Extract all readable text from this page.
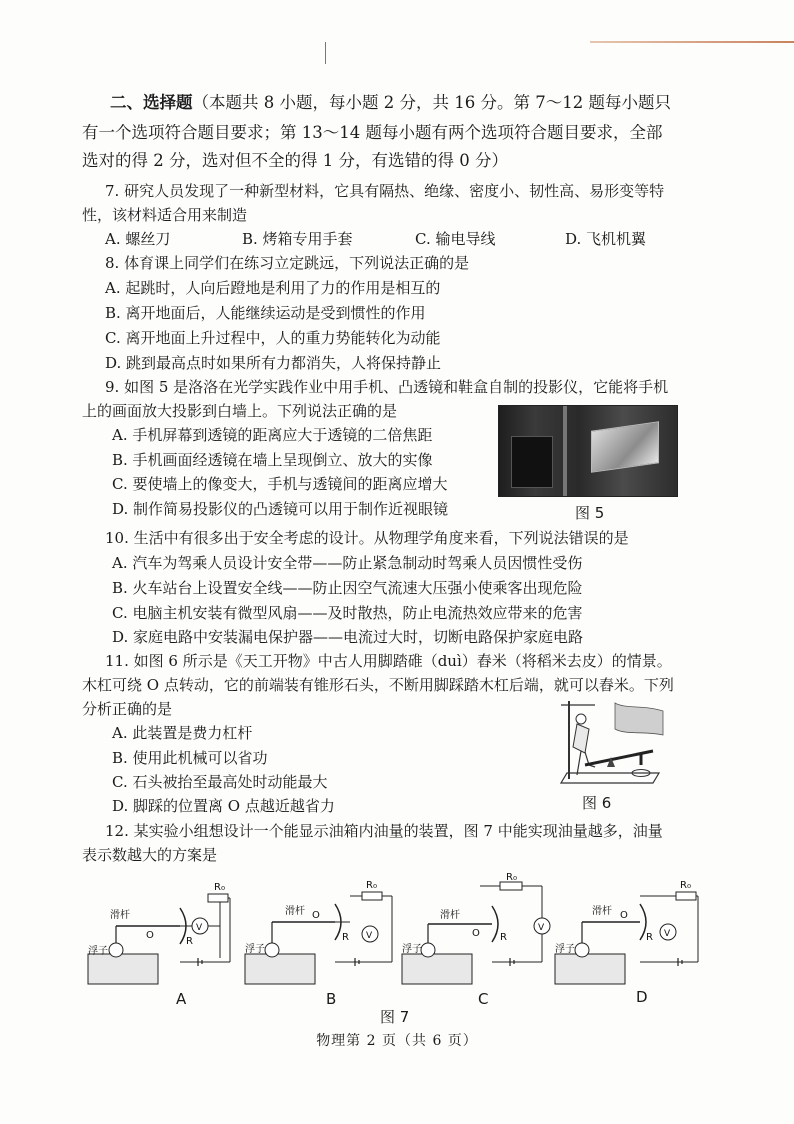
二、选择题（本题共 8 小题，每小题 2 分，共 16 分。第 7～12 题每小题只
有一个选项符合题目要求；第 13～14 题每小题有两个选项符合题目要求，全部
选对的得 2 分，选对但不全的得 1 分，有选错的得 0 分）
7. 研究人员发现了一种新型材料，它具有隔热、绝缘、密度小、韧性高、易形变等特
性，该材料适合用来制造
A. 螺丝刀	B. 烤箱专用手套	C. 输电导线	D. 飞机机翼
8. 体育课上同学们在练习立定跳远，下列说法正确的是
A. 起跳时，人向后蹬地是利用了力的作用是相互的
B. 离开地面后，人能继续运动是受到惯性的作用
C. 离开地面上升过程中，人的重力势能转化为动能
D. 跳到最高点时如果所有力都消失，人将保持静止
9. 如图 5 是洛洛在光学实践作业中用手机、凸透镜和鞋盒自制的投影仪，它能将手机
上的画面放大投影到白墙上。下列说法正确的是
A. 手机屏幕到透镜的距离应大于透镜的二倍焦距
B. 手机画面经透镜在墙上呈现倒立、放大的实像
C. 要使墙上的像变大，手机与透镜间的距离应增大
D. 制作简易投影仪的凸透镜可以用于制作近视眼镜	图 5
10. 生活中有很多出于安全考虑的设计。从物理学角度来看，下列说法错误的是
A. 汽车为驾乘人员设计安全带——防止紧急制动时驾乘人员因惯性受伤
B. 火车站台上设置安全线——防止因空气流速大压强小使乘客出现危险
C. 电脑主机安装有微型风扇——及时散热，防止电流热效应带来的危害
D. 家庭电路中安装漏电保护器——电流过大时，切断电路保护家庭电路
11. 如图 6 所示是《天工开物》中古人用脚踏碓（duì）舂米（将稻米去皮）的情景。
木杠可绕 O 点转动，它的前端装有锥形石头，不断用脚踩踏木杠后端，就可以舂米。下列
分析正确的是
A. 此装置是费力杠杆
B. 使用此机械可以省功
C. 石头被抬至最高处时动能最大
D. 脚踩的位置离 O 点越近越省力	图 6
12. 某实验小组想设计一个能显示油箱内油量的装置，图 7 中能实现油量越多，油量
表示数越大的方案是
滑杆
浮子
O
R
R₀
V
滑杆
浮子
O
R
R₀
V
滑杆
浮子
O R
R₀
V
滑杆
浮子
O
R
R₀
V
A	B	C	D
图 7
物理第 2 页（共 6 页）
